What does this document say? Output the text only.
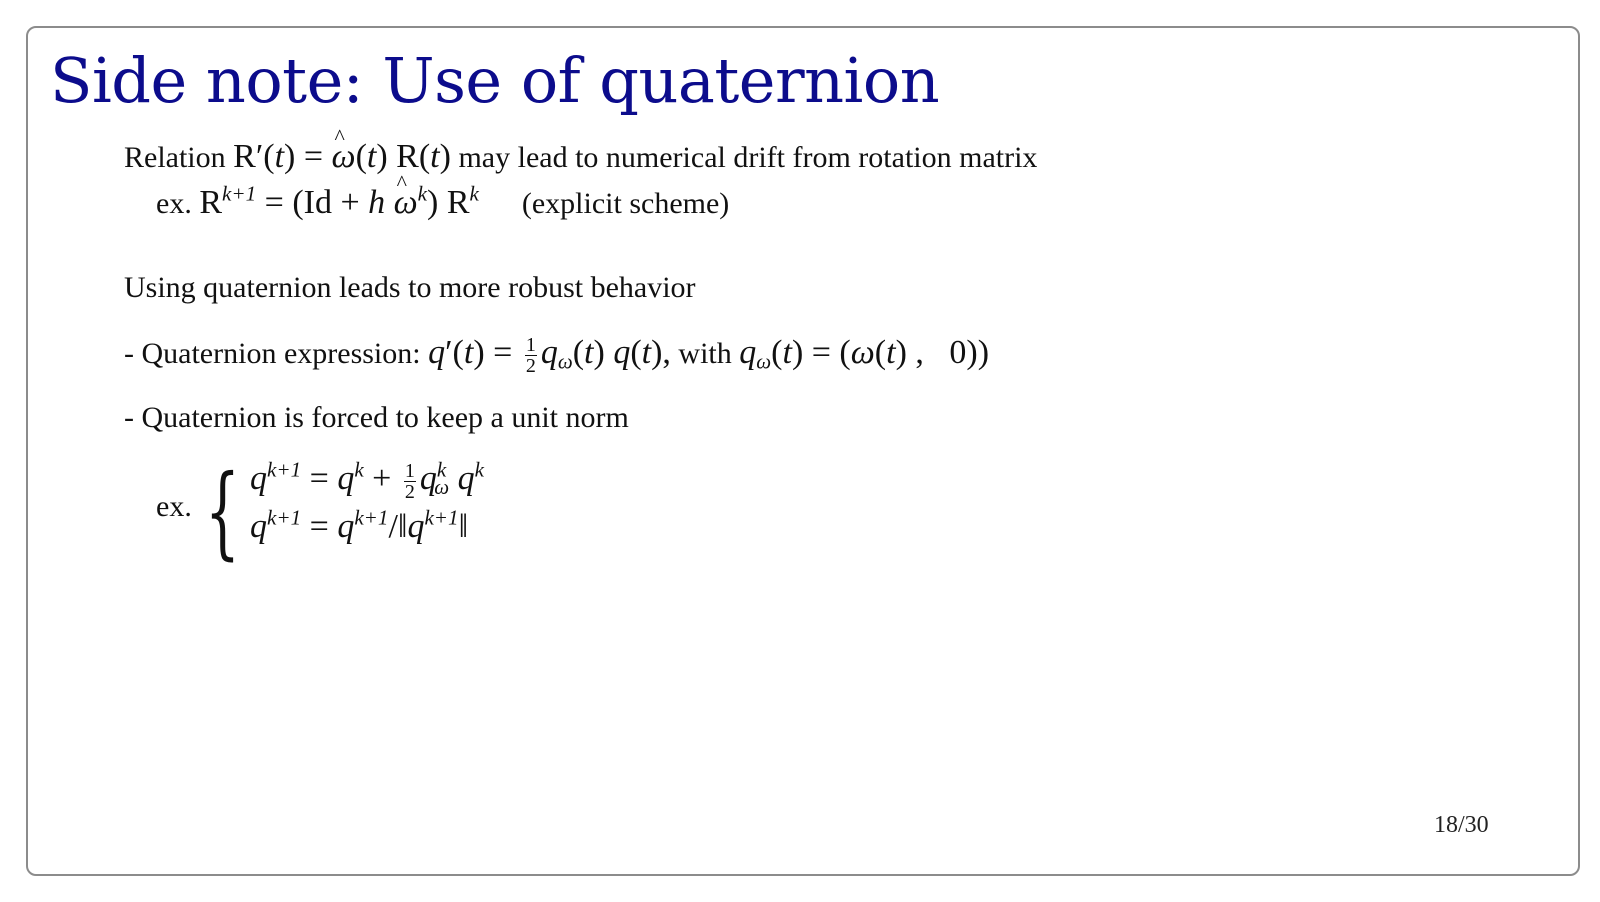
Side note: Use of quaternion
Relation R′(t) = ^ ω(t) R(t) may lead to numerical drift from rotation matrix
ex. $R^{k+1} = (Id + h$ ^ $\omega^k$) $R^k$ (explicit scheme)
Using quaternion leads to more robust behavior
- Quaternion expression: $q'(t) = \frac{1}{2} q_\omega(t)$ q(t), with $q_\omega(t) = (\omega(t)$ ,   0))
- Quaternion is forced to keep a unit norm
ex. { $q^{k+1} = q^k + \frac{1}{2} q^k_\omega$ $q^k$
$q^{k+1}$ = $q^{k+1}/‖q^{k+1}‖$
18/30
